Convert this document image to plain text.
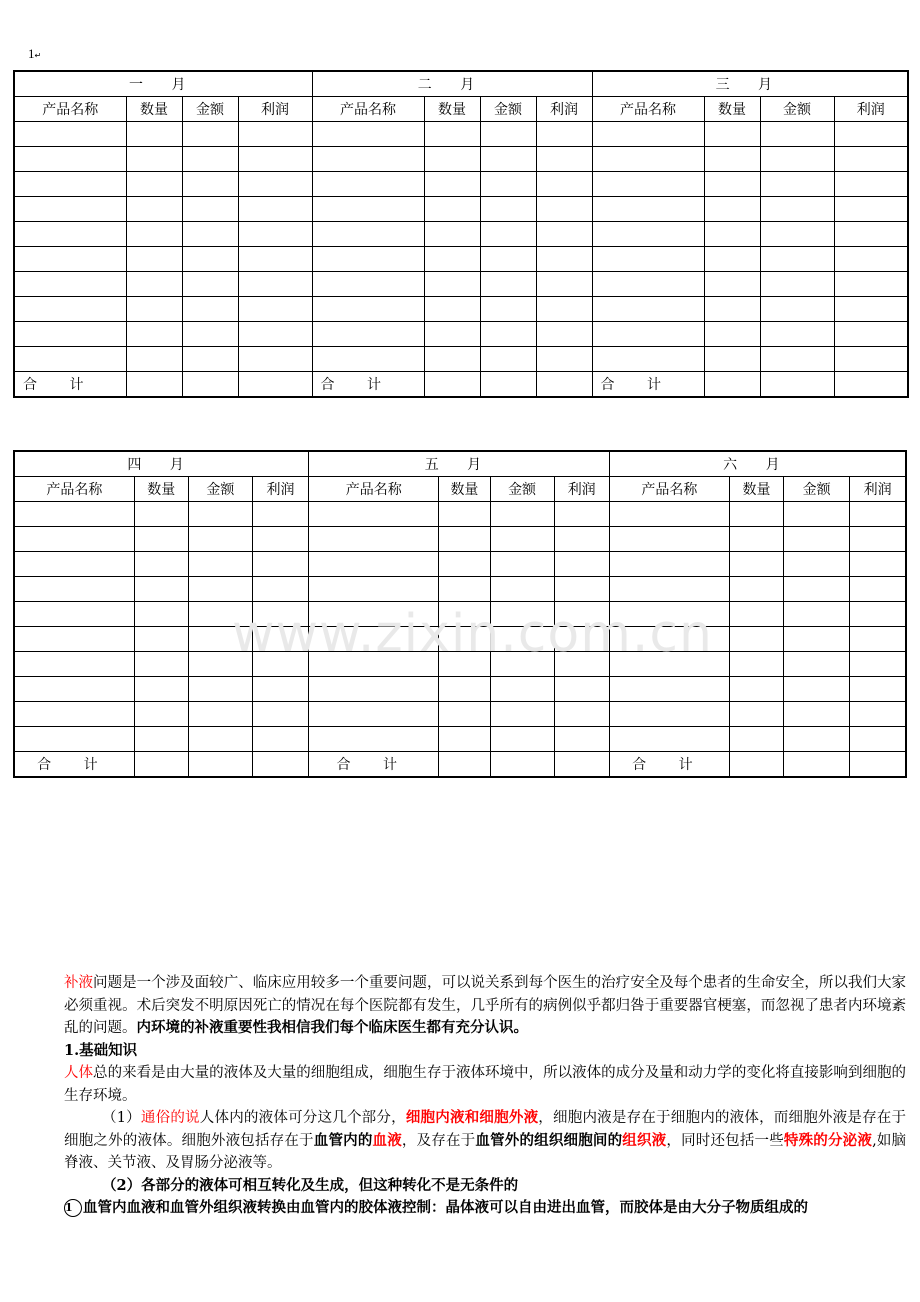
1↵
一 月				二 月				三 月			
产品名称	数量	金额	利润	产品名称	数量	金额	利润	产品名称	数量	金额	利润

合 计				合 计				合 计			
四 月				五 月				六 月			
产品名称	数量	金额	利润	产品名称	数量	金额	利润	产品名称	数量	金额	利润

合 计				合 计				合 计			
www.zixin.com.cn

补液问题是一个涉及面较广、临床应用较多一个重要问题，可以说关系到每个医生的治疗安全及每个患者的生命安全，所以我们大家必须重视。术后突发不明原因死亡的情况在每个医院都有发生，几乎所有的病例似乎都归咎于重要器官梗塞，而忽视了患者内环境紊乱的问题。内环境的补液重要性我相信我们每个临床医生都有充分认识。

1.基础知识

人体总的来看是由大量的液体及大量的细胞组成，细胞生存于液体环境中，所以液体的成分及量和动力学的变化将直接影响到细胞的生存环境。

（1）通俗的说人体内的液体可分这几个部分，细胞内液和细胞外液，细胞内液是存在于细胞内的液体，而细胞外液是存在于细胞之外的液体。细胞外液包括存在于血管内的血液，及存在于血管外的组织细胞间的组织液，同时还包括一些特殊的分泌液,如脑脊液、关节液、及胃肠分泌液等。

（2）各部分的液体可相互转化及生成，但这种转化不是无条件的

1 血管内血液和血管外组织液转换由血管内的胶体液控制：晶体液可以自由进出血管，而胶体是由大分子物质组成的
